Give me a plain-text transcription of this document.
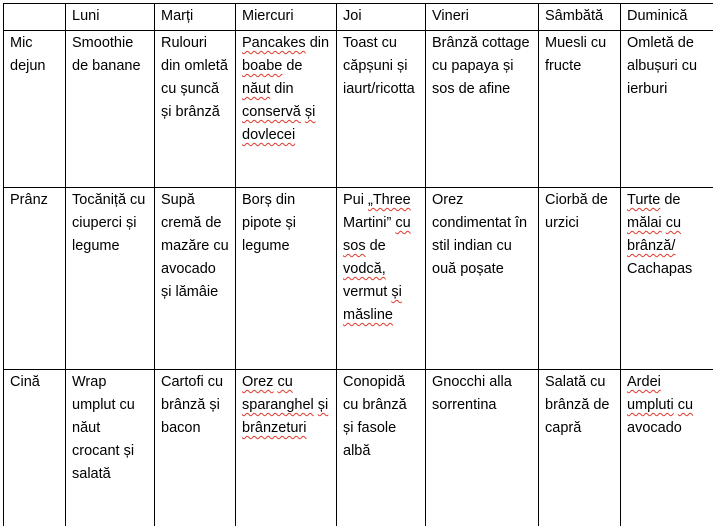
	Luni	Marți	Miercuri	Joi	Vineri	Sâmbătă	Duminică
Mic dejun	Smoothie de banane	Rulouri din omletă cu șuncă și brânză	Pancakes din boabe de năut din conservă și dovlecei	Toast cu căpșuni și iaurt/ricotta	Brânză cottage cu papaya și sos de afine	Muesli cu fructe	Omletă de albușuri cu ierburi
Prânz	Tocăniță cu ciuperci și legume	Supă cremă de mazăre cu avocado și lămâie	Borș din pipote și legume	Pui „Three Martini” cu sos de vodcă, vermut și măsline	Orez condimentat în stil indian cu ouă poșate	Ciorbă de urzici	Turte de mălai cu brânză/Cachapas
Cină	Wrap umplut cu năut crocant și salată	Cartofi cu brânză și bacon	Orez cu sparanghel și brânzeturi	Conopidă cu brânză și fasole albă	Gnocchi alla sorrentina	Salată cu brânză de capră	Ardei umpluti cu avocado
